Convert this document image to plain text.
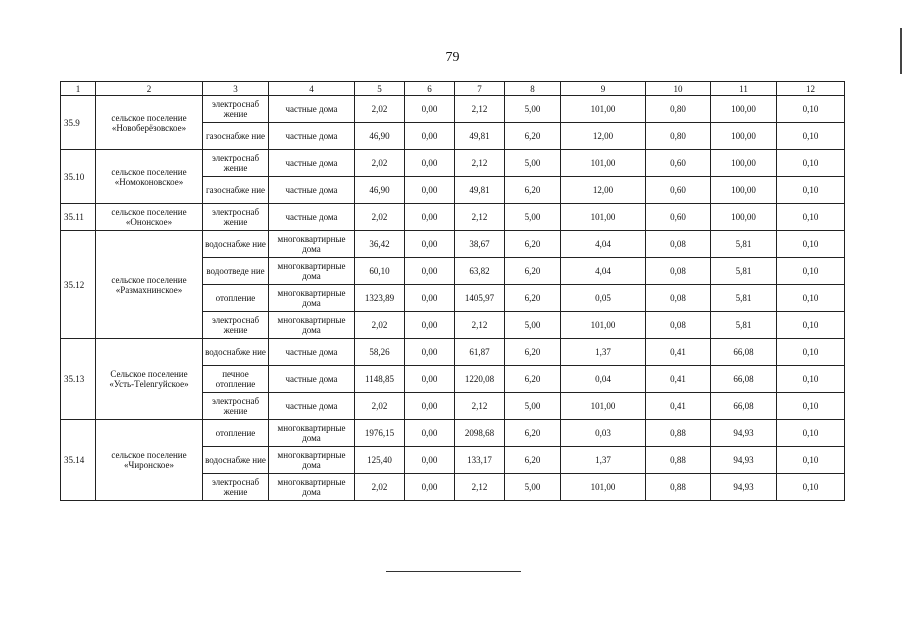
79
1	2	3	4	5	6	7	8	9	10	11	12
35.9	сельское поселение «Новоберёзовское»	электроснаб жение	частные дома	2,02	0,00	2,12	5,00	101,00	0,80	100,00	0,10
		газоснабже ние	частные дома	46,90	0,00	49,81	6,20	12,00	0,80	100,00	0,10
35.10	сельское поселение «Номоконовское»	электроснаб жение	частные дома	2,02	0,00	2,12	5,00	101,00	0,60	100,00	0,10
		газоснабже ние	частные дома	46,90	0,00	49,81	6,20	12,00	0,60	100,00	0,10
35.11	сельское поселение «Ононское»	электроснаб жение	частные дома	2,02	0,00	2,12	5,00	101,00	0,60	100,00	0,10
35.12	сельское поселение «Размахнинское»	водоснабже ние	многоквартирные дома	36,42	0,00	38,67	6,20	4,04	0,08	5,81	0,10
		водоотведе ние	многоквартирные дома	60,10	0,00	63,82	6,20	4,04	0,08	5,81	0,10
		отопление	многоквартирные дома	1323,89	0,00	1405,97	6,20	0,05	0,08	5,81	0,10
		электроснаб жение	многоквартирные дома	2,02	0,00	2,12	5,00	101,00	0,08	5,81	0,10
35.13	Сельское поселение «Усть-Тelenгуйское»	водоснабже ние	частные дома	58,26	0,00	61,87	6,20	1,37	0,41	66,08	0,10
		печное отопление	частные дома	1148,85	0,00	1220,08	6,20	0,04	0,41	66,08	0,10
		электроснаб жение	частные дома	2,02	0,00	2,12	5,00	101,00	0,41	66,08	0,10
35.14	сельское поселение «Чиронское»	отопление	многоквартирные дома	1976,15	0,00	2098,68	6,20	0,03	0,88	94,93	0,10
		водоснабже ние	многоквартирные дома	125,40	0,00	133,17	6,20	1,37	0,88	94,93	0,10
		электроснаб жение	многоквартирные дома	2,02	0,00	2,12	5,00	101,00	0,88	94,93	0,10
